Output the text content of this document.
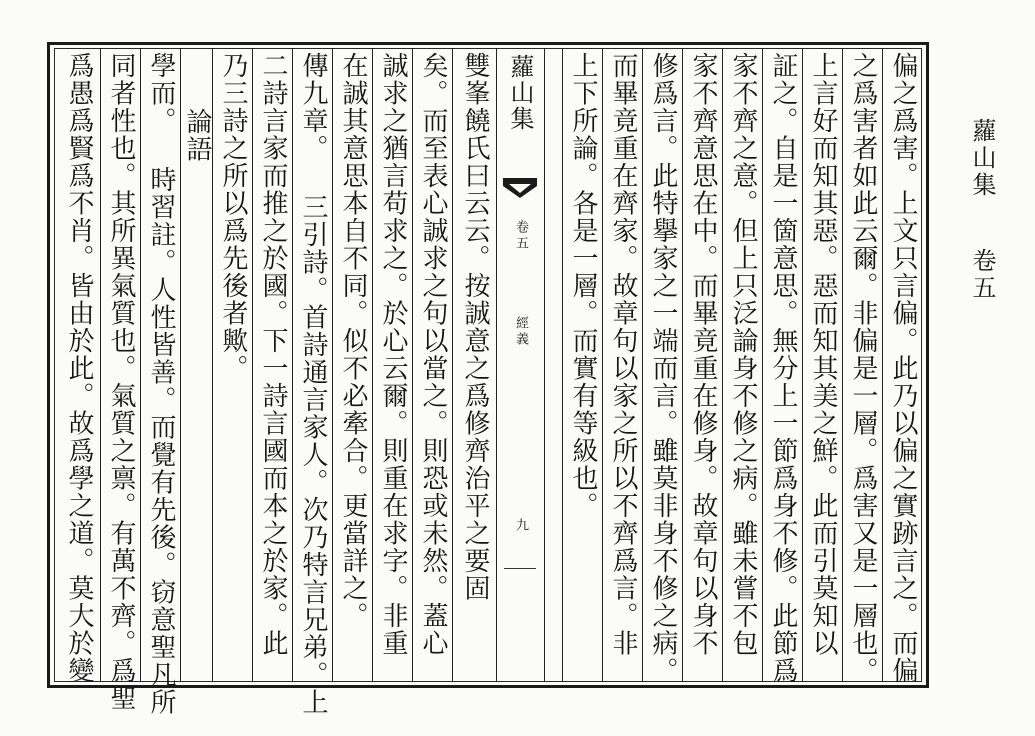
蘿山集
卷五
偏之爲害。上文只言偏。此乃以偏之實跡言之。而偏
之爲害者如此云爾。非偏是一層。爲害又是一層也。
上言好而知其惡。惡而知其美之鮮。此而引莫知以
証之。自是一箇意思。無分上一節爲身不修。此節爲
家不齊之意。但上只泛論身不修之病。雖未嘗不包
家不齊意思在中。而畢竟重在修身。故章句以身不
修爲言。此特擧家之一端而言。雖莫非身不修之病。
而畢竟重在齊家。故章句以家之所以不齊爲言。非
上下所論。各是一層。而實有等級也。
蘿山集
卷五
經義
九
雙峯饒氏曰云云。按誠意之爲修齊治平之要固
矣。而至表心誠求之句以當之。則恐或未然。蓋心
誠求之猶言苟求之。於心云爾。則重在求字。非重
在誠其意思本自不同。似不必牽合。更當詳之。
傳九章。 三引詩。首詩通言家人。次乃特言兄弟。上
二詩言家而推之於國。下一詩言國而本之於家。此
乃三詩之所以爲先後者歟。
論語
學而。 時習註。人性皆善。而覺有先後。窃意聖凡所
同者性也。其所異氣質也。氣質之禀。有萬不齊。爲聖
爲愚爲賢爲不肖。皆由於此。故爲學之道。莫大於變
